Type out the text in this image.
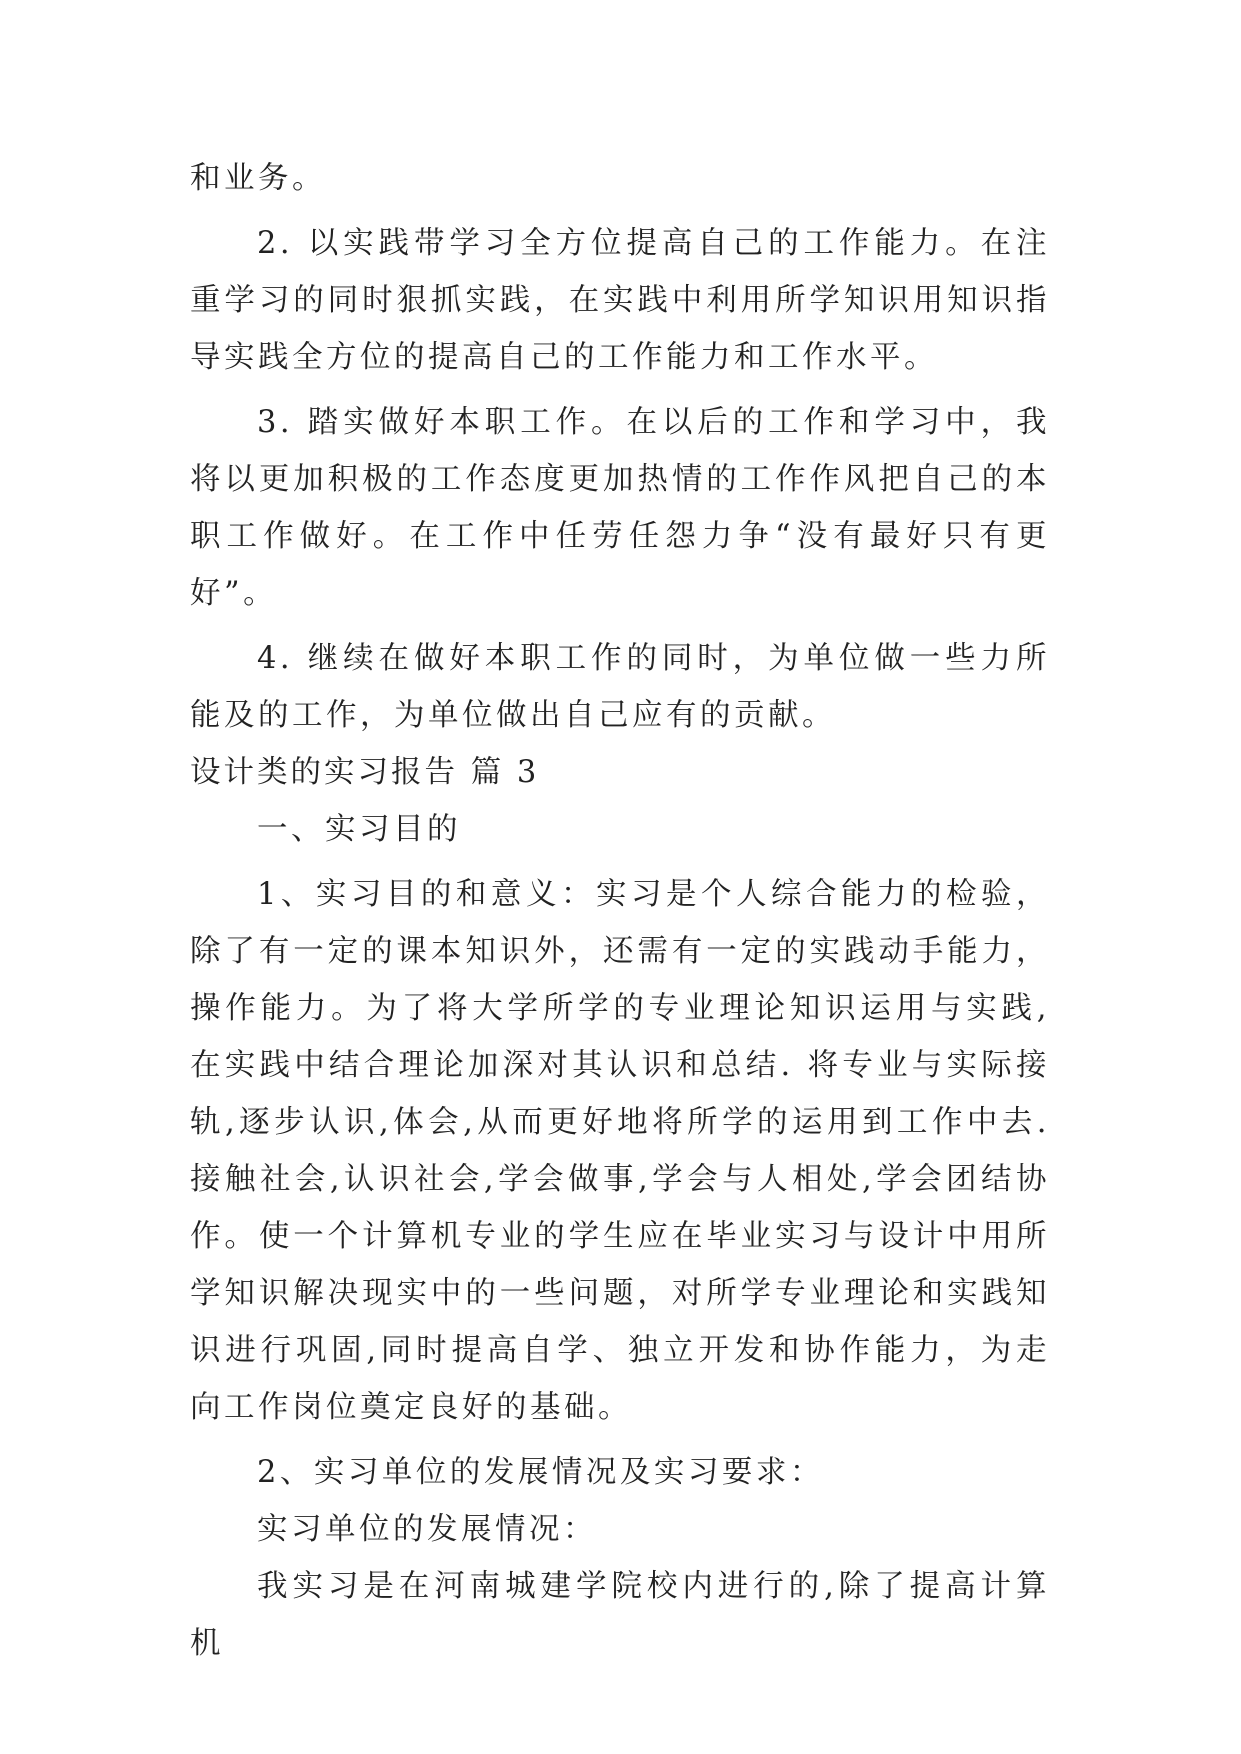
和业务。

2. 以实践带学习全方位提高自己的工作能力。在注重学习的同时狠抓实践，在实践中利用所学知识用知识指导实践全方位的提高自己的工作能力和工作水平。

3. 踏实做好本职工作。在以后的工作和学习中，我将以更加积极的工作态度更加热情的工作作风把自己的本职工作做好。在工作中任劳任怨力争“没有最好只有更好”。

4. 继续在做好本职工作的同时，为单位做一些力所能及的工作，为单位做出自己应有的贡献。

设计类的实习报告 篇 3

一、实习目的

1、实习目的和意义：实习是个人综合能力的检验，除了有一定的课本知识外，还需有一定的实践动手能力，操作能力。为了将大学所学的专业理论知识运用与实践,在实践中结合理论加深对其认识和总结. 将专业与实际接轨,逐步认识,体会,从而更好地将所学的运用到工作中去. 接触社会,认识社会,学会做事,学会与人相处,学会团结协作。使一个计算机专业的学生应在毕业实习与设计中用所学知识解决现实中的一些问题，对所学专业理论和实践知识进行巩固,同时提高自学、独立开发和协作能力，为走向工作岗位奠定良好的基础。

2、实习单位的发展情况及实习要求：

实习单位的发展情况：

我实习是在河南城建学院校内进行的,除了提高计算机
